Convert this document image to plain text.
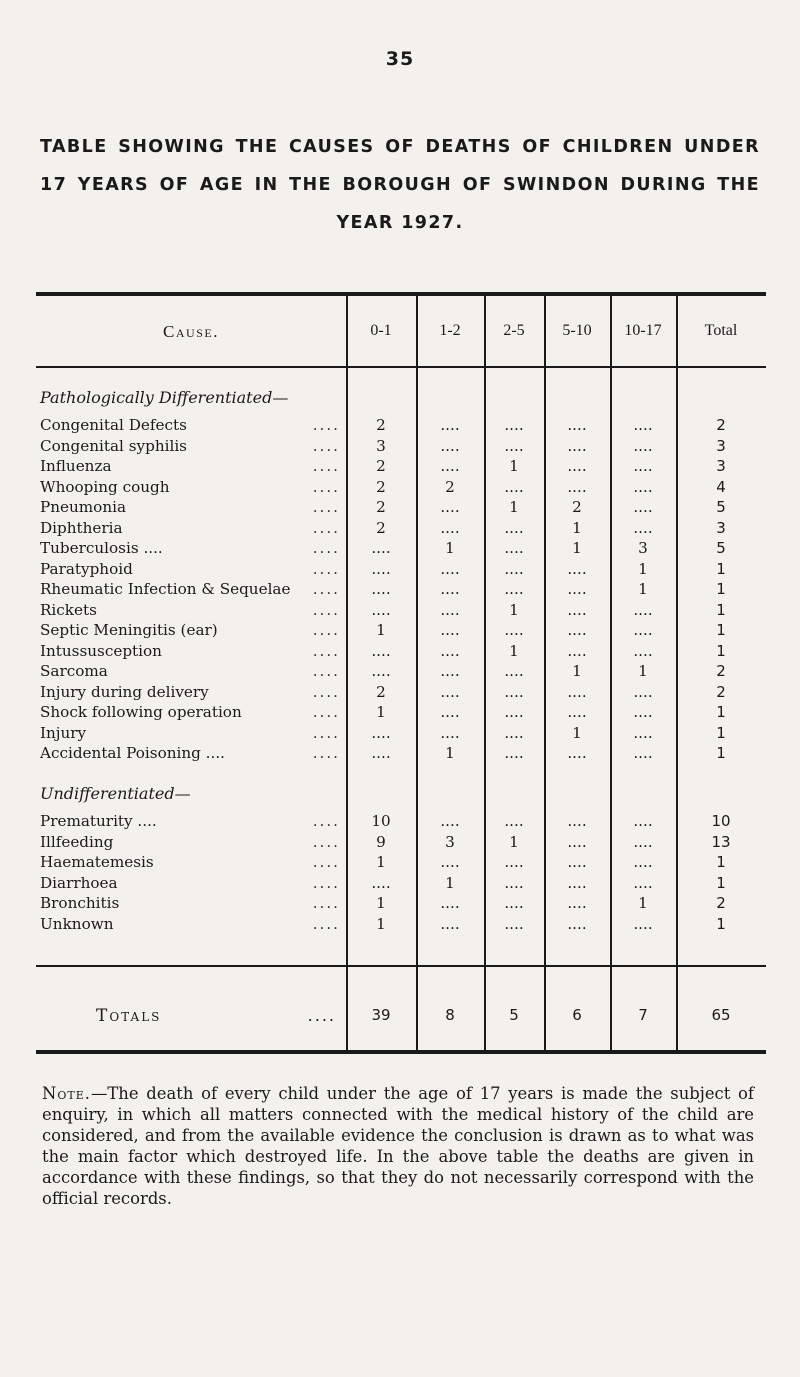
35
TABLE SHOWING THE CAUSES OF DEATHS OF CHILDREN UNDER
17 YEARS OF AGE IN THE BOROUGH OF SWINDON DURING THE
YEAR 1927.
Cause.	0-1	1-2	2-5	5-10	10-17	Total
Pathologically Differentiated—
....
Congenital Defects	2	....	....	....	....	2
....
Congenital syphilis	3	....	....	....	....	3
....
Influenza	2	....	1	....	....	3
....
Whooping cough	2	2	....	....	....	4
....
Pneumonia	2	....	1	2	....	5
....
Diphtheria	2	....	....	1	....	3
....
Tuberculosis ....	....	1	....	1	3	5
....
Paratyphoid	....	....	....	....	1	1
....
Rheumatic Infection & Sequelae	....	....	....	....	1	1
....
Rickets	....	....	1	....	....	1
....
Septic Meningitis (ear)	1	....	....	....	....	1
....
Intussusception	....	....	1	....	....	1
....
Sarcoma	....	....	....	1	1	2
....
Injury during delivery	2	....	....	....	....	2
....
Shock following operation	1	....	....	....	....	1
....
Injury	....	....	....	1	....	1
....
Accidental Poisoning ....	....	1	....	....	....	1
Undifferentiated—
....
Prematurity ....	10	....	....	....	....	10
....
Illfeeding	9	3	1	....	....	13
....
Haematemesis	1	....	....	....	....	1
....
Diarrhoea	....	1	....	....	....	1
....
Bronchitis	1	....	....	....	1	2
....
Unknown	1	....	....	....	....	1
Totals	....	39	8	5	6	7	65
Note.—The death of every child under the age of 17 years is made the subject of enquiry, in which all matters connected with the medical history of the child are considered, and from the available evidence the conclusion is drawn as to what was the main factor which destroyed life. In the above table the deaths are given in accordance with these findings, so that they do not necessarily correspond with the official records.
